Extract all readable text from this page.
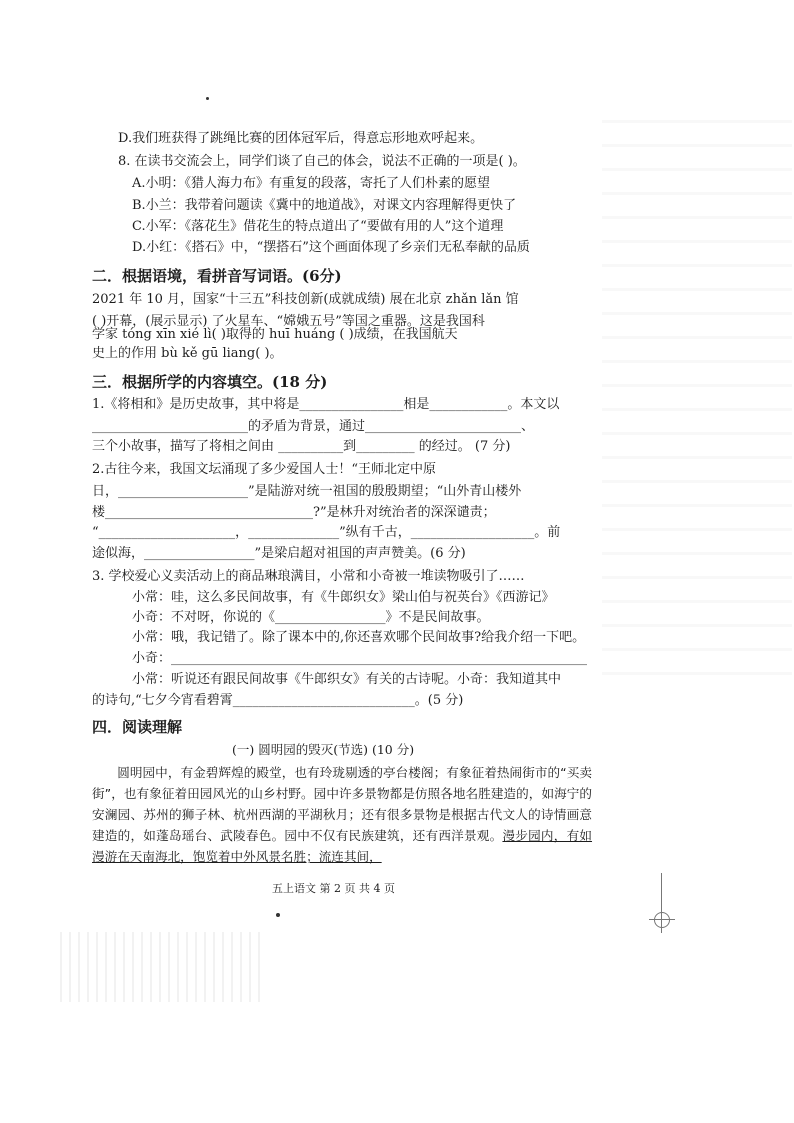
D.我们班获得了跳绳比赛的团体冠军后，得意忘形地欢呼起来。
8. 在读书交流会上，同学们谈了自己的体会，说法不正确的一项是( )。
A.小明：《猎人海力布》有重复的段落，寄托了人们朴素的愿望
B.小兰：我带着问题读《冀中的地道战》，对课文内容理解得更快了
C.小军：《落花生》借花生的特点道出了“要做有用的人”这个道理
D.小红：《搭石》中，“摆搭石”这个画面体现了乡亲们无私奉献的品质
二．根据语境，看拼音写词语。(6分)
2021 年 10 月，国家“十三五”科技创新(成就成绩) 展在北京 zhǎn lǎn 馆
( )开幕，(展示显示) 了火星车、“嫦娥五号”等国之重器。这是我国科
学家 tóng xīn xié lì( )取得的 huī huáng ( )成绩，在我国航天
史上的作用 bù kě gū liang( )。
三．根据所学的内容填空。(18 分)
1.《将相和》是历史故事，其中将是________________相是____________。本文以
________________________的矛盾为背景，通过________________________、
三个小故事，描写了将相之间由 __________到_________ 的经过。 (7 分)
2.古往今来，我国文坛涌现了多少爱国人士！“王师北定中原
日，____________________”是陆游对统一祖国的殷殷期望；“山外青山楼外
楼________________________________?”是林升对统治者的深深谴责；
“_____________________，______________”纵有千古，___________________。前
途似海，_________________”是梁启超对祖国的声声赞美。(6 分)
3. 学校爱心义卖活动上的商品琳琅满目，小常和小奇被一堆读物吸引了……
小常：哇，这么多民间故事，有《牛郎织女》梁山伯与祝英台》《西游记》
小奇：不对呀，你说的《_________________》不是民间故事。
小常：哦，我记错了。除了课本中的,你还喜欢哪个民间故事?给我介绍一下吧。
小奇：________________________________________________________________
小常：听说还有跟民间故事《牛郎织女》有关的古诗呢。小奇：我知道其中
的诗句,“七夕今宵看碧霄____________________________。(5 分)
四．阅读理解
(一) 圆明园的毁灭(节选) (10 分)
圆明园中，有金碧辉煌的殿堂，也有玲珑剔透的亭台楼阁；有象征着热闹街市的“买卖街”，也有象征着田园风光的山乡村野。园中许多景物都是仿照各地名胜建造的，如海宁的安澜园、苏州的狮子林、杭州西湖的平湖秋月；还有很多景物是根据古代文人的诗情画意建造的，如蓬岛瑶台、武陵春色。园中不仅有民族建筑，还有西洋景观。漫步园内，有如漫游在天南海北，饱览着中外风景名胜；流连其间，
五上语文 第 2 页 共 4 页
